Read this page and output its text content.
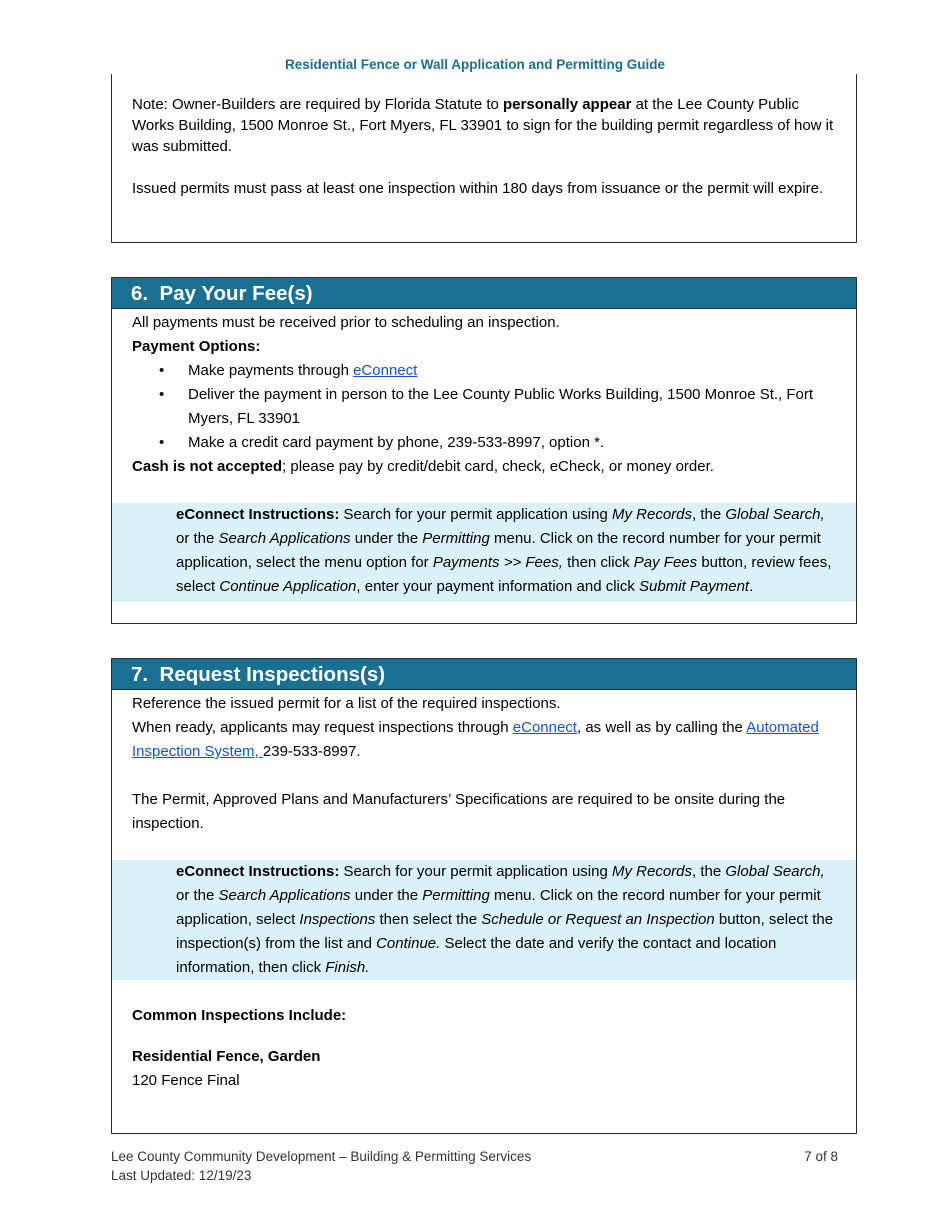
Residential Fence or Wall Application and Permitting Guide

Note: Owner-Builders are required by Florida Statute to personally appear at the Lee County Public Works Building, 1500 Monroe St., Fort Myers, FL 33901 to sign for the building permit regardless of how it was submitted.

Issued permits must pass at least one inspection within 180 days from issuance or the permit will expire.

6. Pay Your Fee(s)
All payments must be received prior to scheduling an inspection.
Payment Options:
• Make payments through eConnect
• Deliver the payment in person to the Lee County Public Works Building, 1500 Monroe St., Fort Myers, FL 33901
• Make a credit card payment by phone, 239-533-8997, option *.
Cash is not accepted; please pay by credit/debit card, check, eCheck, or money order.
eConnect Instructions: Search for your permit application using My Records, the Global Search, or the Search Applications under the Permitting menu. Click on the record number for your permit application, select the menu option for Payments >> Fees, then click Pay Fees button, review fees, select Continue Application, enter your payment information and click Submit Payment.
7. Request Inspections(s)
Reference the issued permit for a list of the required inspections.
When ready, applicants may request inspections through eConnect, as well as by calling the Automated Inspection System, 239-533-8997.
The Permit, Approved Plans and Manufacturers’ Specifications are required to be onsite during the inspection.
eConnect Instructions: Search for your permit application using My Records, the Global Search, or the Search Applications under the Permitting menu. Click on the record number for your permit application, select Inspections then select the Schedule or Request an Inspection button, select the inspection(s) from the list and Continue. Select the date and verify the contact and location information, then click Finish.
Common Inspections Include:
Residential Fence, Garden
120 Fence Final
Lee County Community Development – Building & Permitting Services
Last Updated: 12/19/23
7 of 8
